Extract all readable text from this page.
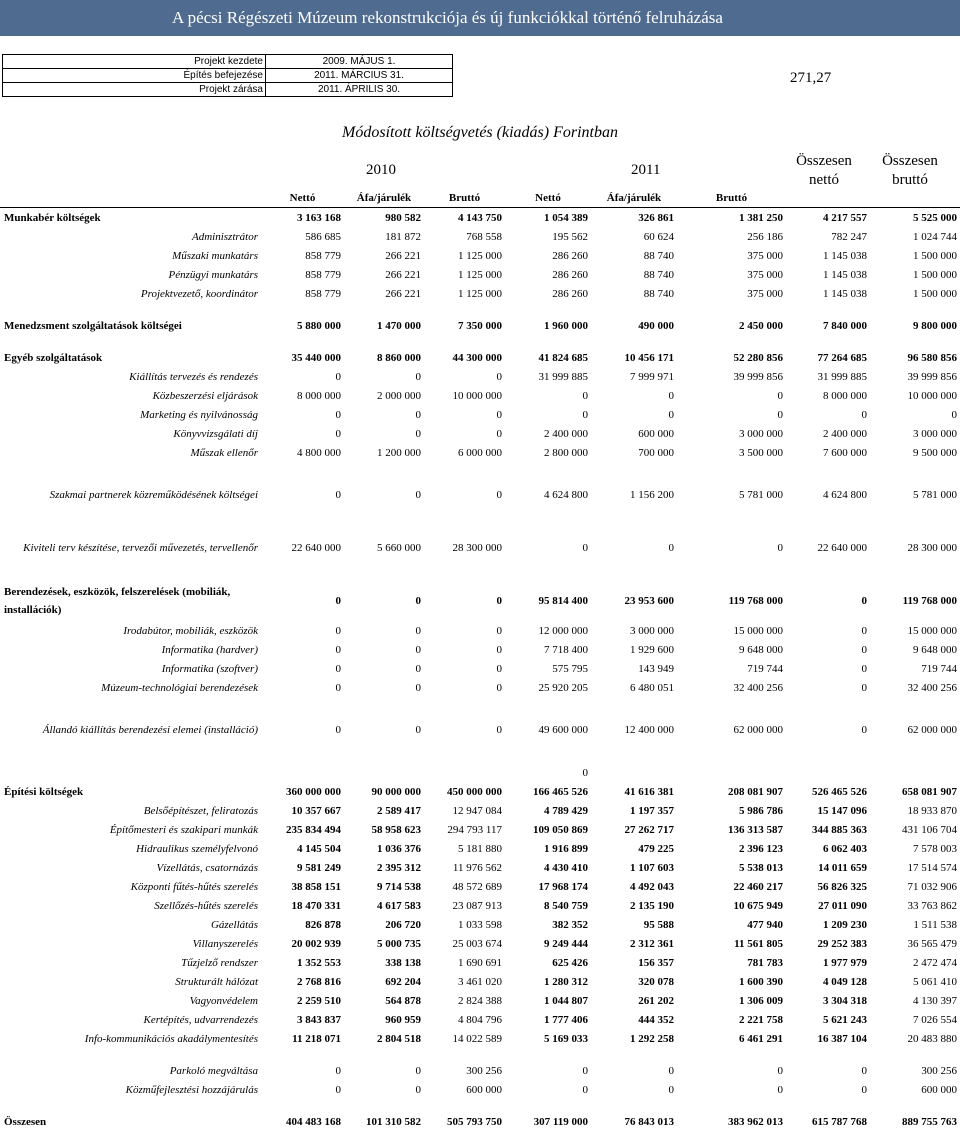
A pécsi Régészeti Múzeum rekonstrukciója és új funkciókkal történő felruházása
Projekt kezdete	2009. MÁJUS 1.
Építés befejezése	2011. MÁRCIUS 31.
Projekt zárása	2011. ÁPRILIS 30.
271,27
Módosított költségvetés (kiadás) Forintban
2010	2011
Összesen nettó
Összesen bruttó
	Nettó	Áfa/járulék	Bruttó	Nettó	Áfa/járulék	Bruttó		
Munkabér költségek	3 163 168	980 582	4 143 750	1 054 389	326 861	1 381 250	4 217 557	5 525 000
Adminisztrátor	586 685	181 872	768 558	195 562	60 624	256 186	782 247	1 024 744
Műszaki munkatárs	858 779	266 221	1 125 000	286 260	88 740	375 000	1 145 038	1 500 000
Pénzügyi munkatárs	858 779	266 221	1 125 000	286 260	88 740	375 000	1 145 038	1 500 000
Projektvezető, koordinátor	858 779	266 221	1 125 000	286 260	88 740	375 000	1 145 038	1 500 000

Menedzsment szolgáltatások költségei	5 880 000	1 470 000	7 350 000	1 960 000	490 000	2 450 000	7 840 000	9 800 000

Egyéb szolgáltatások	35 440 000	8 860 000	44 300 000	41 824 685	10 456 171	52 280 856	77 264 685	96 580 856
Kiállítás tervezés és rendezés	0	0	0	31 999 885	7 999 971	39 999 856	31 999 885	39 999 856
Közbeszerzési eljárások	8 000 000	2 000 000	10 000 000	0	0	0	8 000 000	10 000 000
Marketing és nyilvánosság	0	0	0	0	0	0	0	0
Könyvvizsgálati díj	0	0	0	2 400 000	600 000	3 000 000	2 400 000	3 000 000
Műszak ellenőr	4 800 000	1 200 000	6 000 000	2 800 000	700 000	3 500 000	7 600 000	9 500 000

Szakmai partnerek közreműködésének költségei	0	0	0	4 624 800	1 156 200	5 781 000	4 624 800	5 781 000

Kiviteli terv készítése, tervezői művezetés, tervellenőr	22 640 000	5 660 000	28 300 000	0	0	0	22 640 000	28 300 000

Berendezések, eszközök, felszerelések (mobiliák, installációk)	0	0	0	95 814 400	23 953 600	119 768 000	0	119 768 000
Irodabútor, mobiliák, eszközök	0	0	0	12 000 000	3 000 000	15 000 000	0	15 000 000
Informatika (hardver)	0	0	0	7 718 400	1 929 600	9 648 000	0	9 648 000
Informatika (szoftver)	0	0	0	575 795	143 949	719 744	0	719 744
Múzeum-technológiai berendezések	0	0	0	25 920 205	6 480 051	32 400 256	0	32 400 256

Állandó kiállítás berendezési elemei (installáció)	0	0	0	49 600 000	12 400 000	62 000 000	0	62 000 000

				0				
Építési költségek	360 000 000	90 000 000	450 000 000	166 465 526	41 616 381	208 081 907	526 465 526	658 081 907
Belsőépítészet, feliratozás	10 357 667	2 589 417	12 947 084	4 789 429	1 197 357	5 986 786	15 147 096	18 933 870
Építőmesteri és szakipari munkák	235 834 494	58 958 623	294 793 117	109 050 869	27 262 717	136 313 587	344 885 363	431 106 704
Hidraulikus személyfelvonó	4 145 504	1 036 376	5 181 880	1 916 899	479 225	2 396 123	6 062 403	7 578 003
Vízellátás, csatornázás	9 581 249	2 395 312	11 976 562	4 430 410	1 107 603	5 538 013	14 011 659	17 514 574
Központi fűtés-hűtés szerelés	38 858 151	9 714 538	48 572 689	17 968 174	4 492 043	22 460 217	56 826 325	71 032 906
Szellőzés-hűtés szerelés	18 470 331	4 617 583	23 087 913	8 540 759	2 135 190	10 675 949	27 011 090	33 763 862
Gázellátás	826 878	206 720	1 033 598	382 352	95 588	477 940	1 209 230	1 511 538
Villanyszerelés	20 002 939	5 000 735	25 003 674	9 249 444	2 312 361	11 561 805	29 252 383	36 565 479
Tűzjelző rendszer	1 352 553	338 138	1 690 691	625 426	156 357	781 783	1 977 979	2 472 474
Strukturált hálózat	2 768 816	692 204	3 461 020	1 280 312	320 078	1 600 390	4 049 128	5 061 410
Vagyonvédelem	2 259 510	564 878	2 824 388	1 044 807	261 202	1 306 009	3 304 318	4 130 397
Kertépítés, udvarrendezés	3 843 837	960 959	4 804 796	1 777 406	444 352	2 221 758	5 621 243	7 026 554
Info-kommunikációs akadálymentesítés	11 218 071	2 804 518	14 022 589	5 169 033	1 292 258	6 461 291	16 387 104	20 483 880

Parkoló megváltása	0	0	300 256	0	0	0	0	300 256
Közműfejlesztési hozzájárulás	0	0	600 000	0	0	0	0	600 000

Összesen	404 483 168	101 310 582	505 793 750	307 119 000	76 843 013	383 962 013	615 787 768	889 755 763
